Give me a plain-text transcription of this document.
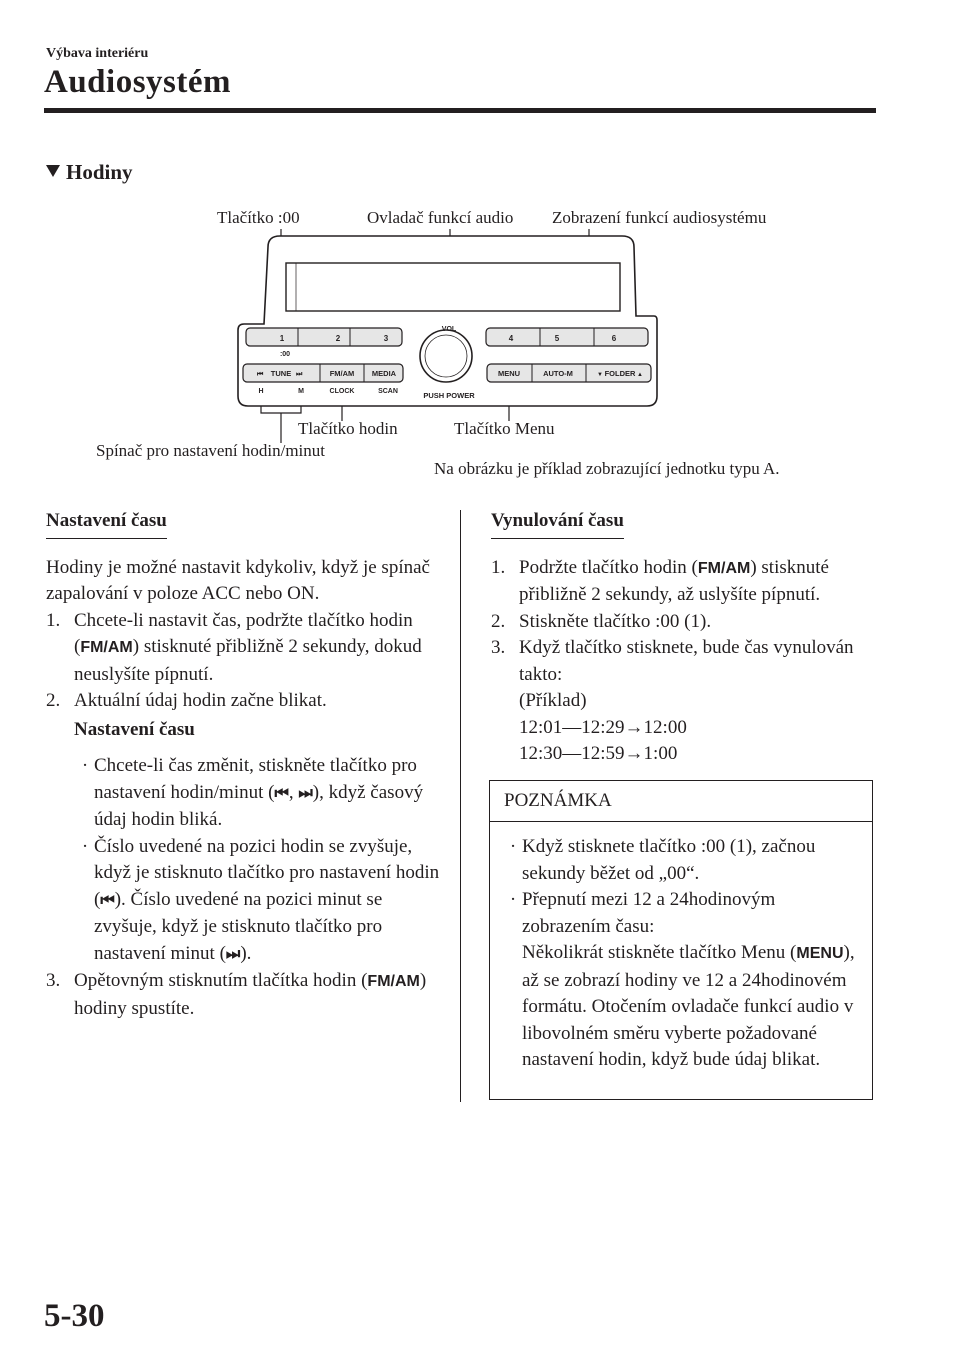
Výbava interiéru
Audiosystém
Hodiny
Tlačítko :00	Ovladač funkcí audio Zobrazení funkcí audiosystému
Tlačítko hodin	Tlačítko Menu
Spínač pro nastavení hodin/minut
Na obrázku je příklad zobrazující jednotku typu A.
1	2	3	4	5	6
:00
VOL
TUNE
⏮	⏭	FM/AM MEDIA	MENU	AUTO-M	FOLDER
▼	▲
H	M	CLOCK	SCAN	PUSH POWER
Nastavení času

Hodiny je možné nastavit kdykoliv, když je spínač zapalování v poloze ACC nebo ON.

1. Chcete-li nastavit čas, podržte tlačítko hodin (FM/AM) stisknuté přibližně 2 sekundy, dokud neuslyšíte pípnutí.
2. Aktuální údaj hodin začne blikat.
Nastavení času
· Chcete-li čas změnit, stiskněte tlačítko pro nastavení hodin/minut (⏮, ⏭), když časový údaj hodin bliká.
· Číslo uvedené na pozici hodin se zvyšuje, když je stisknuto tlačítko pro nastavení hodin (⏮). Číslo uvedené na pozici minut se zvyšuje, když je stisknuto tlačítko pro nastavení minut (⏭).
3. Opětovným stisknutím tlačítka hodin (FM/AM) hodiny spustíte.
Vynulování času
1. Podržte tlačítko hodin (FM/AM) stisknuté přibližně 2 sekundy, až uslyšíte pípnutí.
2. Stiskněte tlačítko :00 (1).
3. Když tlačítko stisknete, bude čas vynulován takto:
(Příklad)
12:01―12:29→12:00
12:30―12:59→1:00
POZNÁMKA
· Když stisknete tlačítko :00 (1), začnou sekundy běžet od „00“.
· Přepnutí mezi 12 a 24hodinovým zobrazením času:
Několikrát stiskněte tlačítko Menu (MENU), až se zobrazí hodiny ve 12 a 24hodinovém formátu. Otočením ovladače funkcí audio v libovolném směru vyberte požadované nastavení hodin, když bude údaj blikat.
5-30
